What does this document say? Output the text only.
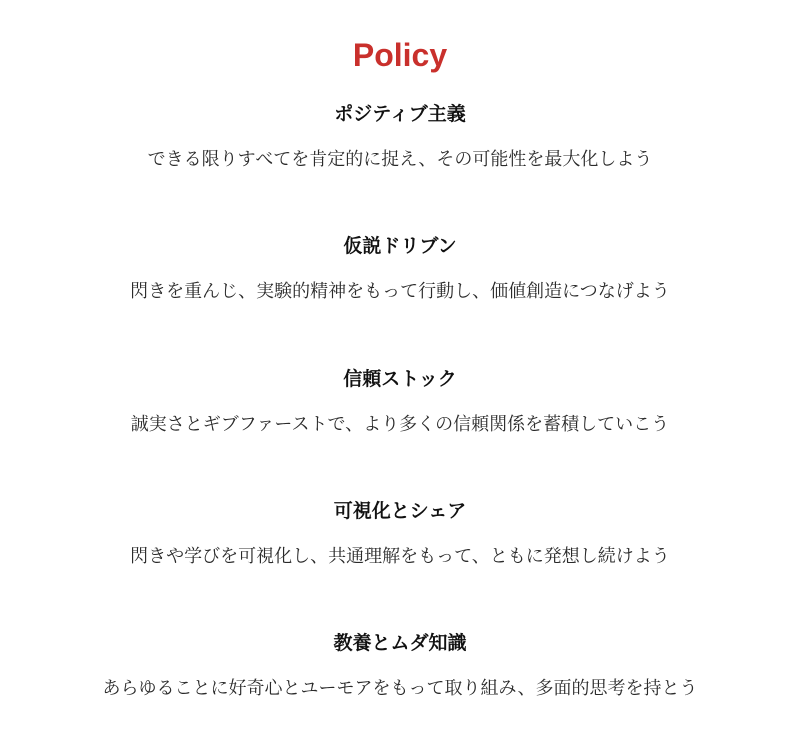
Policy
ポジティブ主義

できる限りすべてを肯定的に捉え、その可能性を最大化しよう

仮説ドリブン

閃きを重んじ、実験的精神をもって行動し、価値創造につなげよう

信頼ストック

誠実さとギブファーストで、より多くの信頼関係を蓄積していこう

可視化とシェア

閃きや学びを可視化し、共通理解をもって、ともに発想し続けよう

教養とムダ知識

あらゆることに好奇心とユーモアをもって取り組み、多面的思考を持とう
